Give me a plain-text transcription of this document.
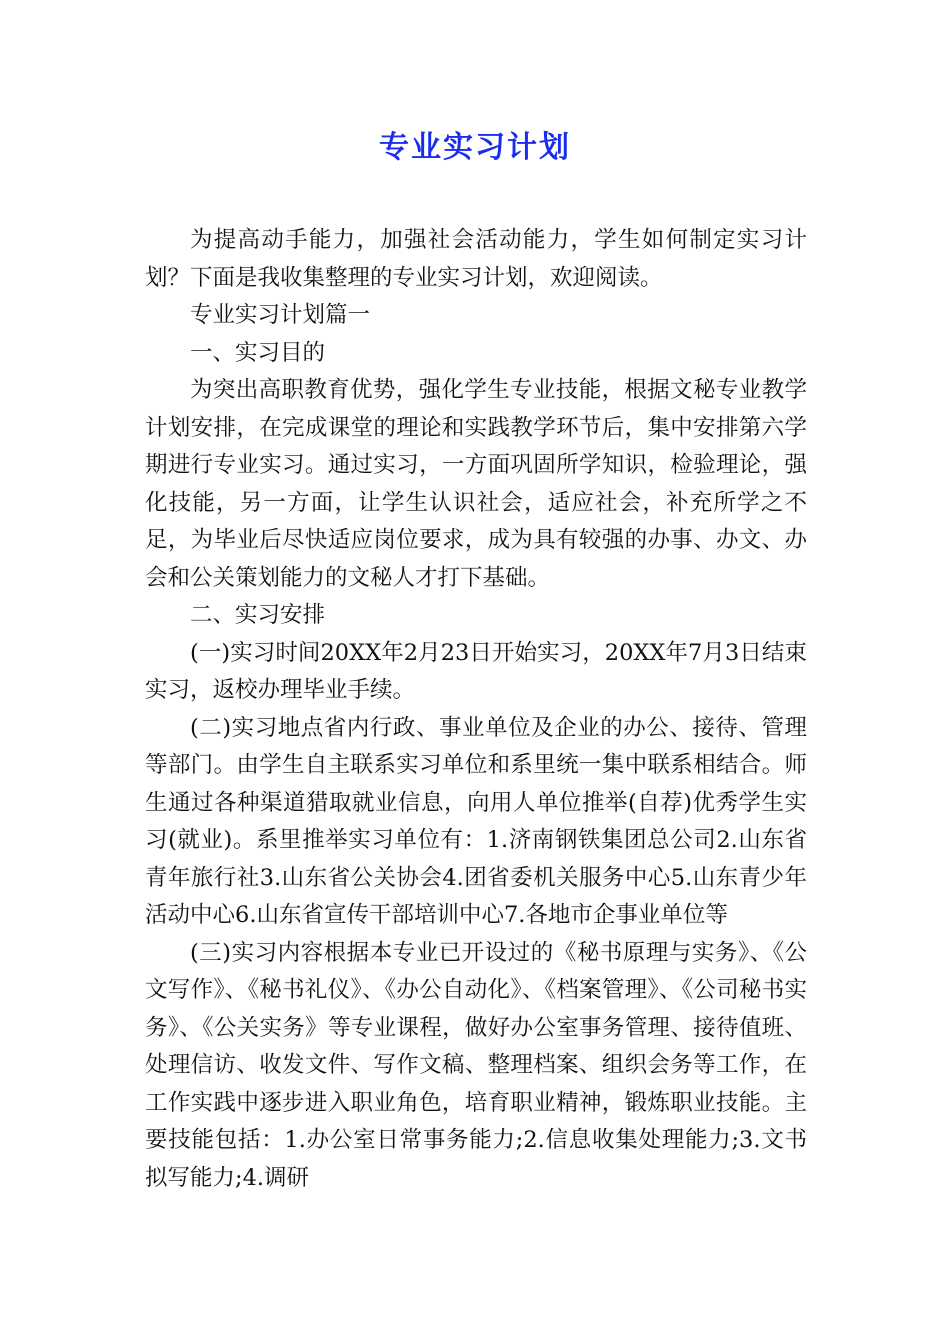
专业实习计划

为提高动手能力，加强社会活动能力，学生如何制定实习计划？下面是我收集整理的专业实习计划，欢迎阅读。

专业实习计划篇一

一、实习目的

为突出高职教育优势，强化学生专业技能，根据文秘专业教学计划安排，在完成课堂的理论和实践教学环节后，集中安排第六学期进行专业实习。通过实习，一方面巩固所学知识，检验理论，强化技能，另一方面，让学生认识社会，适应社会，补充所学之不足，为毕业后尽快适应岗位要求，成为具有较强的办事、办文、办会和公关策划能力的文秘人才打下基础。

二、实习安排

(一)实习时间20XX年2月23日开始实习，20XX年7月3日结束实习，返校办理毕业手续。

(二)实习地点省内行政、事业单位及企业的办公、接待、管理等部门。由学生自主联系实习单位和系里统一集中联系相结合。师生通过各种渠道猎取就业信息，向用人单位推举(自荐)优秀学生实习(就业)。系里推举实习单位有：1.济南钢铁集团总公司2.山东省青年旅行社3.山东省公关协会4.团省委机关服务中心5.山东青少年活动中心6.山东省宣传干部培训中心7.各地市企事业单位等

(三)实习内容根据本专业已开设过的《秘书原理与实务》、《公文写作》、《秘书礼仪》、《办公自动化》、《档案管理》、《公司秘书实务》、《公关实务》等专业课程，做好办公室事务管理、接待值班、处理信访、收发文件、写作文稿、整理档案、组织会务等工作，在工作实践中逐步进入职业角色，培育职业精神，锻炼职业技能。主要技能包括：1.办公室日常事务能力;2.信息收集处理能力;3.文书拟写能力;4.调研
